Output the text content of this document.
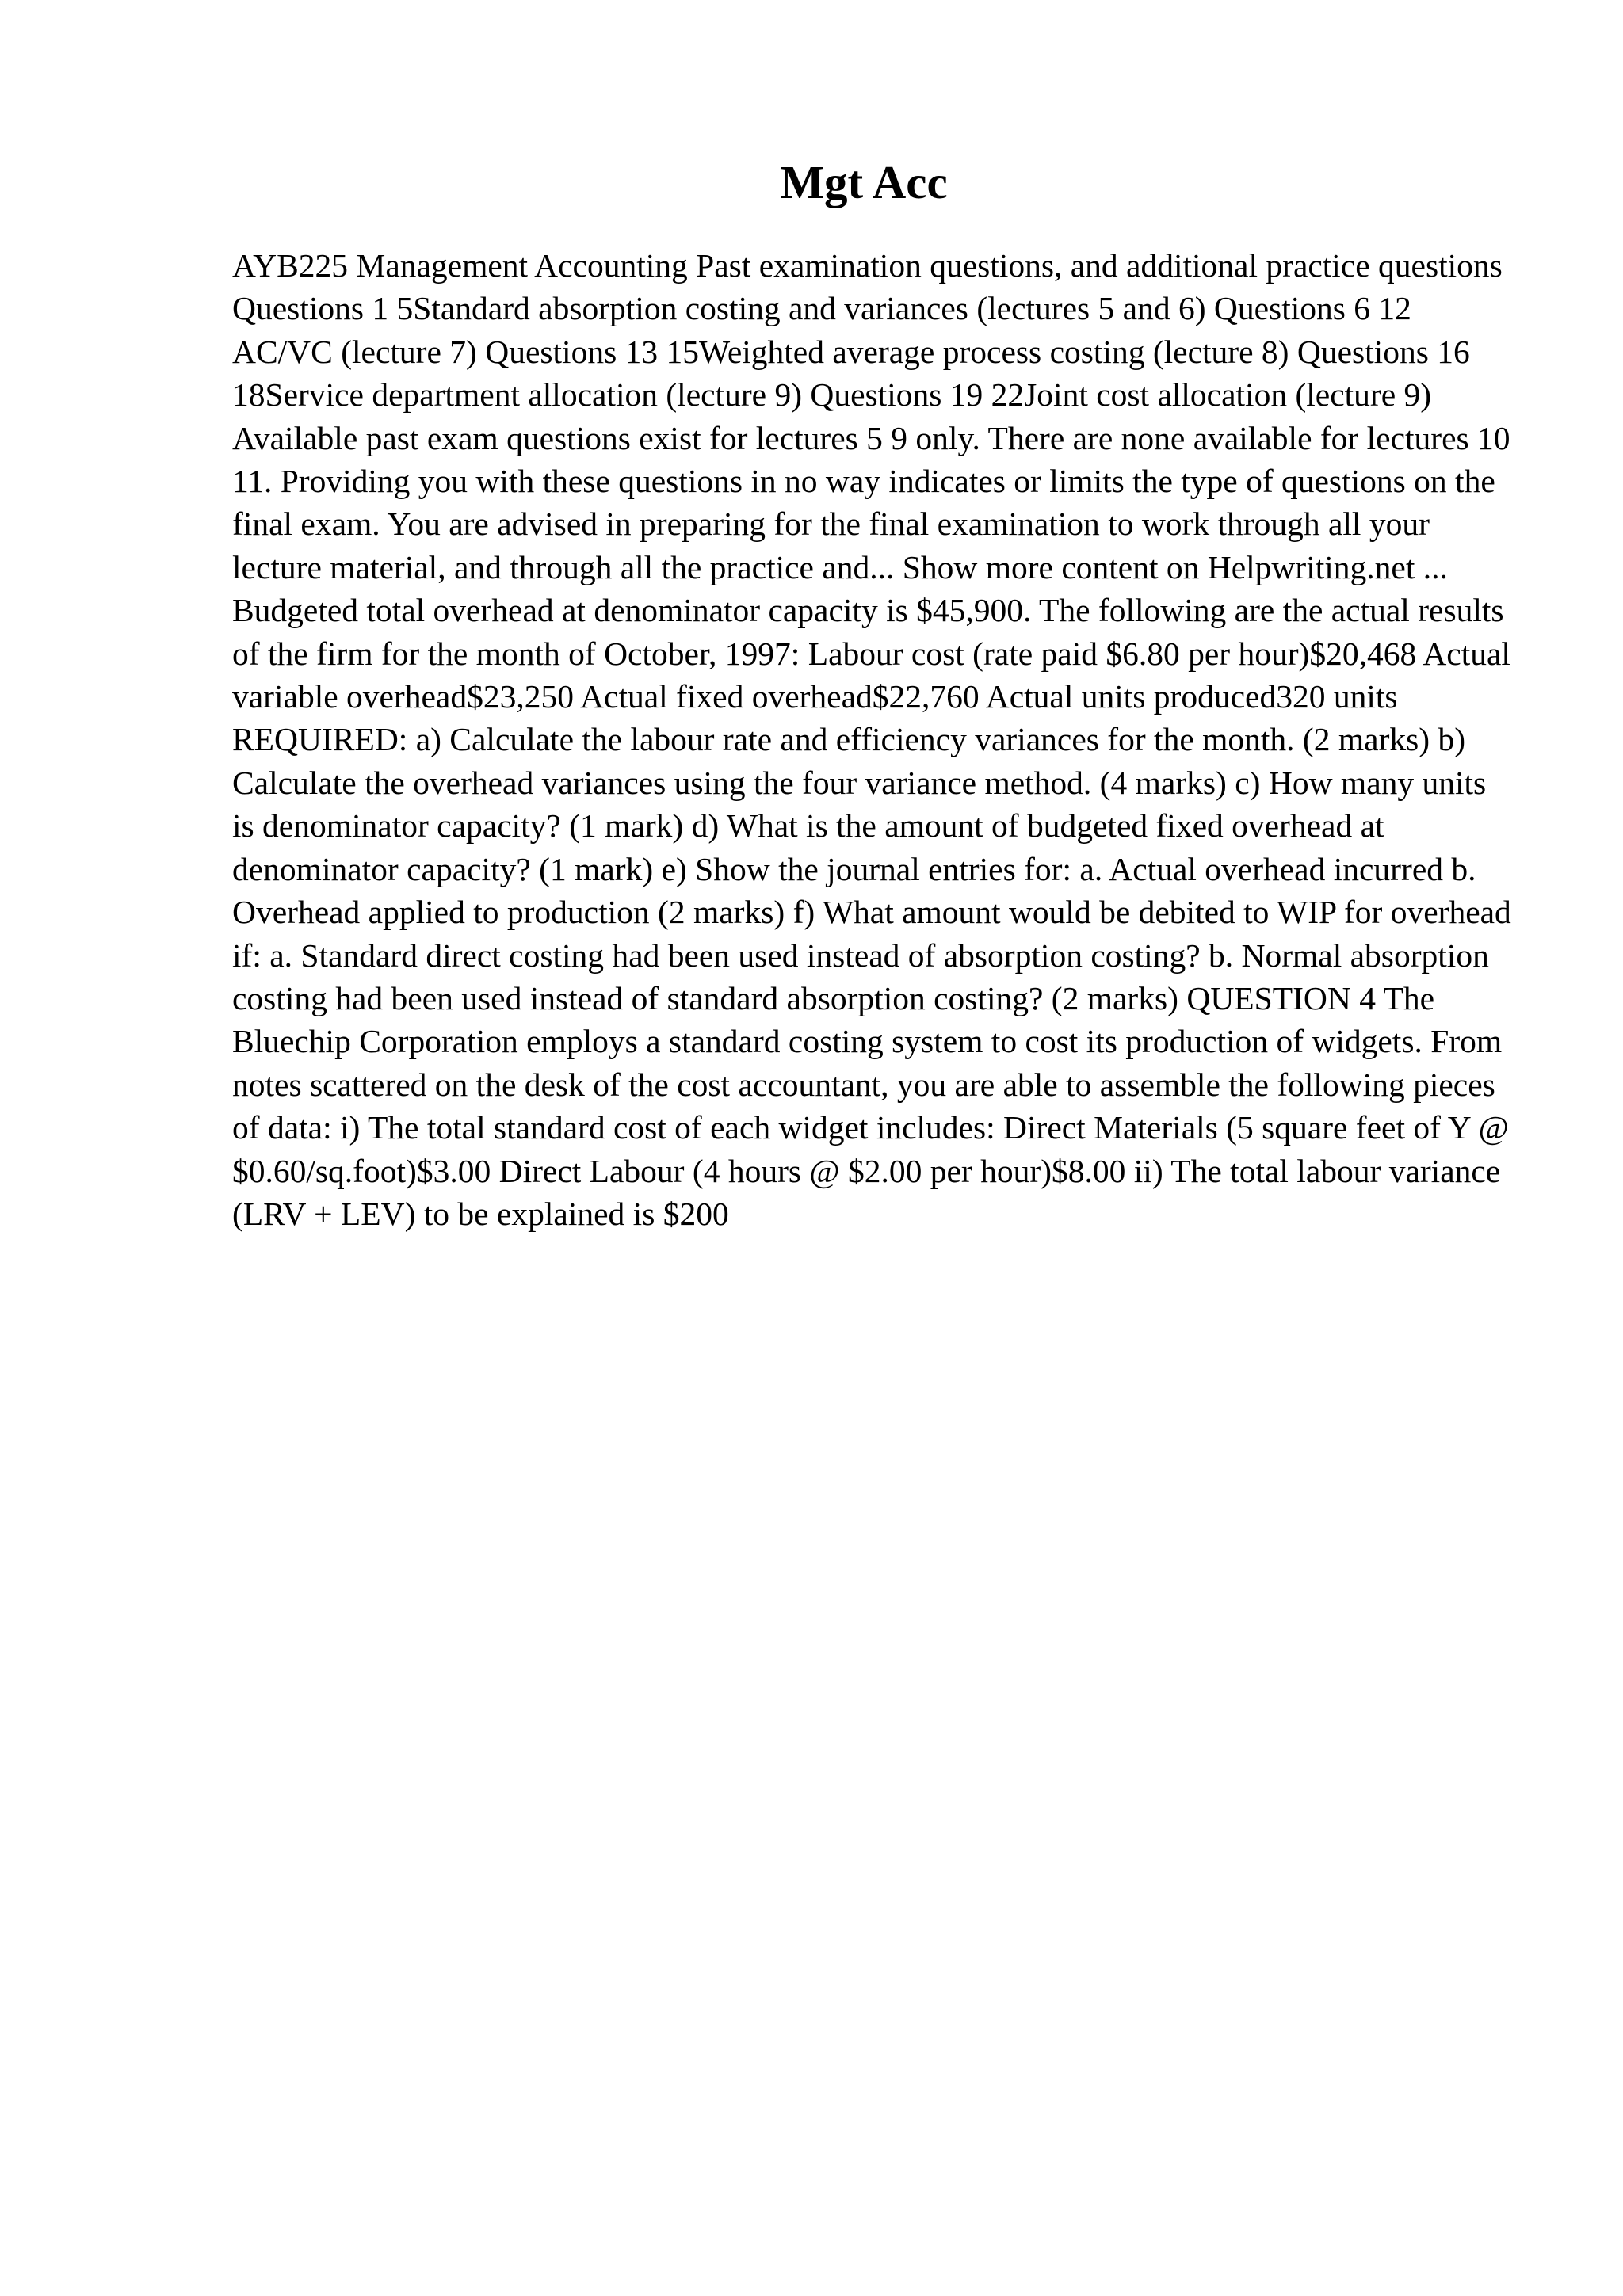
Mgt Acc

AYB225 Management Accounting Past examination questions, and additional practice questions Questions 1 5Standard absorption costing and variances (lectures 5 and 6) Questions 6 12 AC/VC (lecture 7) Questions 13 15Weighted average process costing (lecture 8) Questions 16 18Service department allocation (lecture 9) Questions 19 22Joint cost allocation (lecture 9) Available past exam questions exist for lectures 5 9 only. There are none available for lectures 10 11. Providing you with these questions in no way indicates or limits the type of questions on the final exam. You are advised in preparing for the final examination to work through all your lecture material, and through all the practice and... Show more content on Helpwriting.net ...

Budgeted total overhead at denominator capacity is $45,900. The following are the actual results of the firm for the month of October, 1997: Labour cost (rate paid $6.80 per hour)$20,468 Actual variable overhead$23,250 Actual fixed overhead$22,760 Actual units produced320 units REQUIRED: a) Calculate the labour rate and efficiency variances for the month. (2 marks) b) Calculate the overhead variances using the four variance method. (4 marks) c) How many units is denominator capacity? (1 mark) d) What is the amount of budgeted fixed overhead at denominator capacity? (1 mark) e) Show the journal entries for: a. Actual overhead incurred b. Overhead applied to production (2 marks) f) What amount would be debited to WIP for overhead if: a. Standard direct costing had been used instead of absorption costing? b. Normal absorption costing had been used instead of standard absorption costing? (2 marks) QUESTION 4 The Bluechip Corporation employs a standard costing system to cost its production of widgets. From notes scattered on the desk of the cost accountant, you are able to assemble the following pieces of data: i) The total standard cost of each widget includes: Direct Materials (5 square feet of Y @ $0.60/sq.foot)$3.00 Direct Labour (4 hours @ $2.00 per hour)$8.00 ii) The total labour variance (LRV + LEV) to be explained is $200
